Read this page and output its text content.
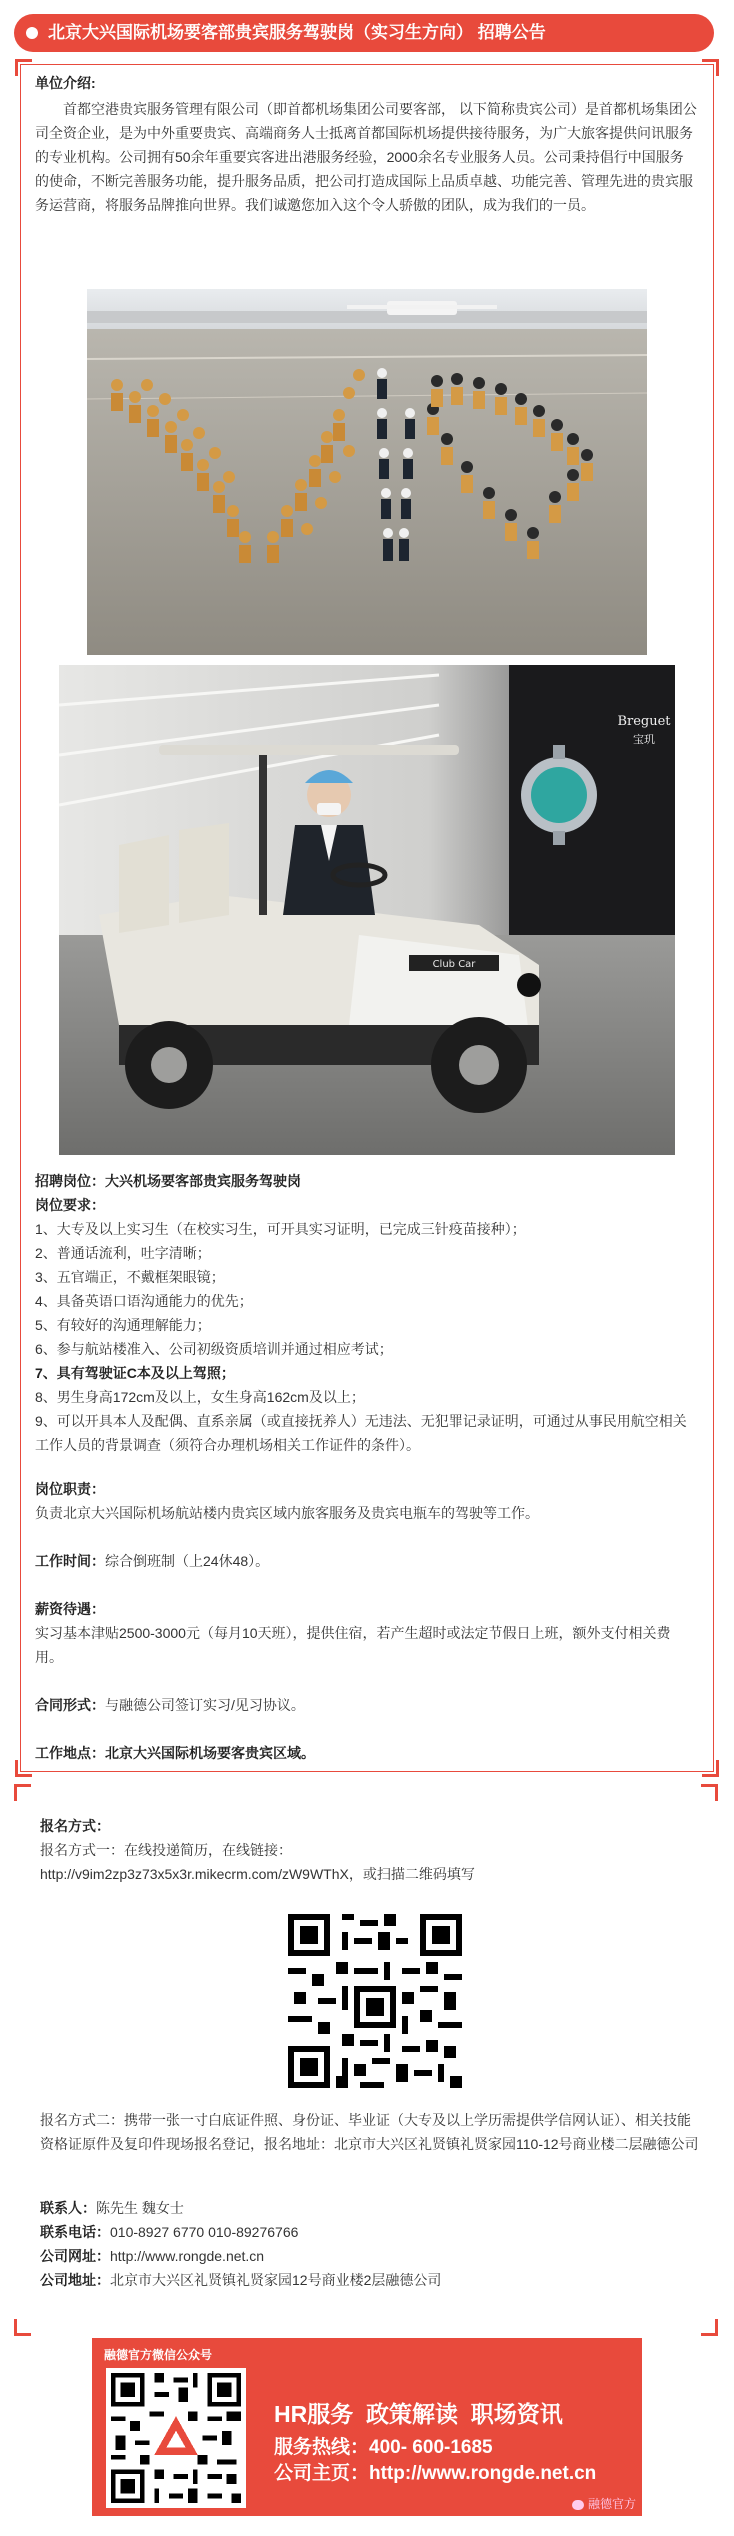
北京大兴国际机场要客部贵宾服务驾驶岗（实习生方向） 招聘公告
单位介绍:
首都空港贵宾服务管理有限公司（即首都机场集团公司要客部， 以下简称贵宾公司）是首都机场集团公司全资企业，是为中外重要贵宾、高端商务人士抵离首都国际机场提供接待服务，为广大旅客提供问讯服务的专业机构。公司拥有50余年重要宾客进出港服务经验，2000余名专业服务人员。公司秉持倡行中国服务的使命，不断完善服务功能，提升服务品质，把公司打造成国际上品质卓越、功能完善、管理先进的贵宾服务运营商，将服务品牌推向世界。我们诚邀您加入这个令人骄傲的团队，成为我们的一员。
Breguet
宝玑
Club Car
招聘岗位：大兴机场要客部贵宾服务驾驶岗
岗位要求：
1、大专及以上实习生（在校实习生，可开具实习证明，已完成三针疫苗接种）；
2、普通话流利，吐字清晰；
3、五官端正，不戴框架眼镜；
4、具备英语口语沟通能力的优先；
5、有较好的沟通理解能力；
6、参与航站楼准入、公司初级资质培训并通过相应考试；
7、具有驾驶证C本及以上驾照；
8、男生身高172cm及以上，女生身高162cm及以上；
9、可以开具本人及配偶、直系亲属（或直接抚养人）无违法、无犯罪记录证明，可通过从事民用航空相关工作人员的背景调查（须符合办理机场相关工作证件的条件）。
岗位职责：
负责北京大兴国际机场航站楼内贵宾区域内旅客服务及贵宾电瓶车的驾驶等工作。
工作时间：综合倒班制（上24休48）。
薪资待遇：
实习基本津贴2500-3000元（每月10天班），提供住宿，若产生超时或法定节假日上班，额外支付相关费用。
合同形式：与融德公司签订实习/见习协议。
工作地点：北京大兴国际机场要客贵宾区域。
报名方式：
报名方式一：在线投递简历，在线链接：
http://v9im2zp3z73x5x3r.mikecrm.com/zW9WThX，或扫描二维码填写
报名方式二：携带一张一寸白底证件照、身份证、毕业证（大专及以上学历需提供学信网认证）、相关技能资格证原件及复印件现场报名登记，报名地址：北京市大兴区礼贤镇礼贤家园110-12号商业楼二层融德公司
联系人：陈先生 魏女士
联系电话：010-8927 6770 010-89276766
公司网址：http://www.rongde.net.cn
公司地址：北京市大兴区礼贤镇礼贤家园12号商业楼2层融德公司
融德官方微信公众号
HR服务  政策解读  职场资讯
服务热线：400- 600-1685
公司主页：http://www.rongde.net.cn
融德官方
